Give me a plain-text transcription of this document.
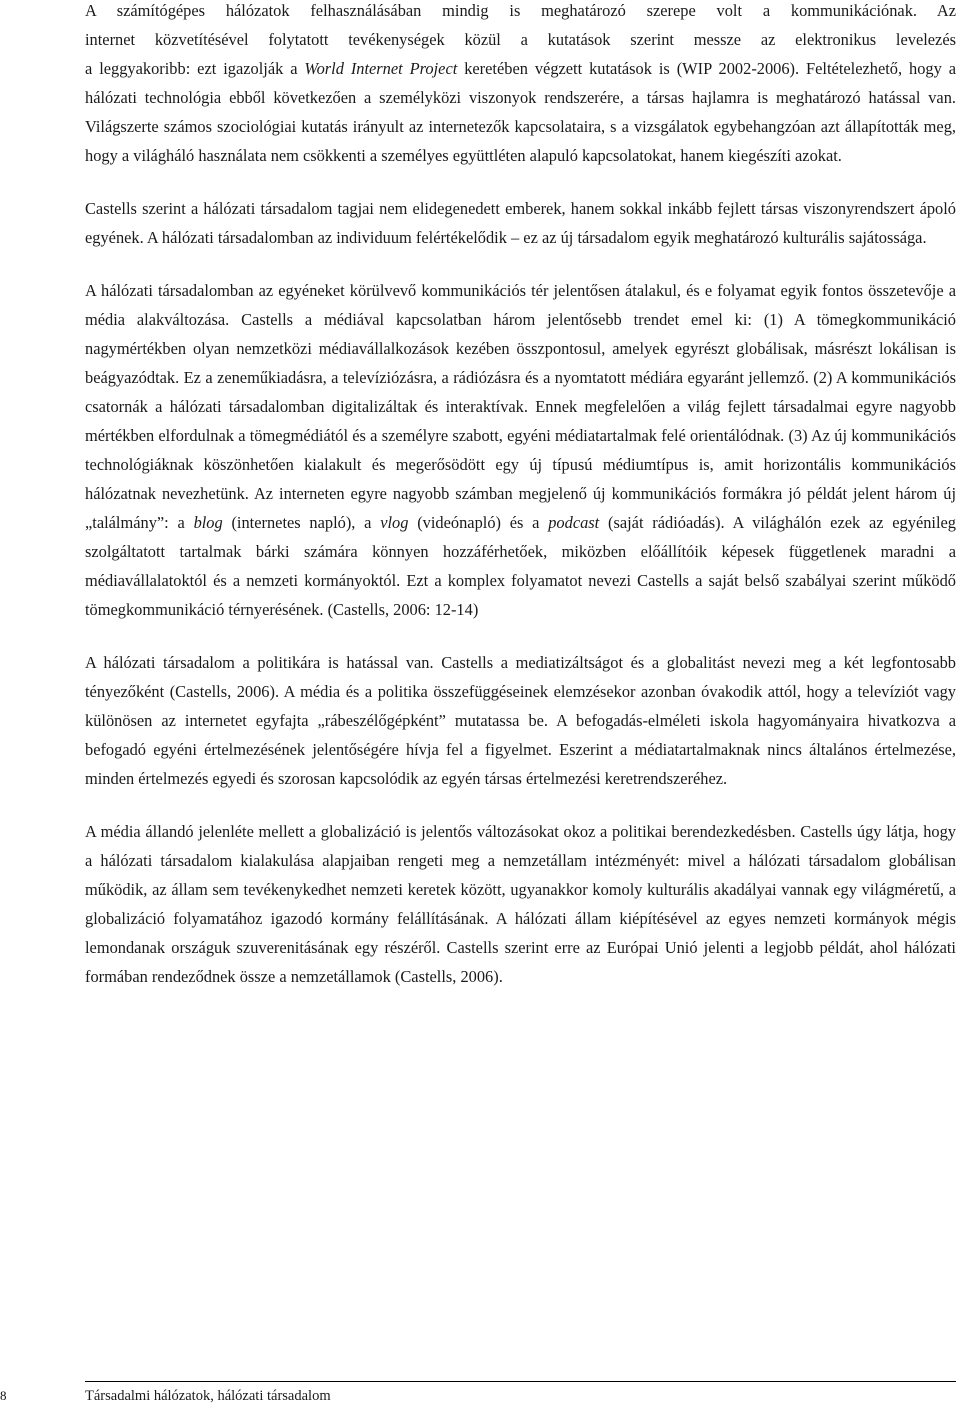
A számítógépes hálózatok felhasználásában mindig is meghatározó szerepe volt a kommunikációnak. Az
internet közvetítésével folytatott tevékenységek közül a kutatások szerint messze az elektronikus levelezés
a leggyakoribb: ezt igazolják a World Internet Project keretében végzett kutatások is (WIP 2002-2006). Feltételezhető, hogy a hálózati technológia ebből következően a személyközi viszonyok rendszerére, a társas hajlamra is meghatározó hatással van. Világszerte számos szociológiai kutatás irányult az internetezők kapcsolataira, s a vizsgálatok egybehangzóan azt állapították meg, hogy a világháló használata nem csökkenti a személyes együttléten alapuló kapcsolatokat, hanem kiegészíti azokat.

Castells szerint a hálózati társadalom tagjai nem elidegenedett emberek, hanem sokkal inkább fejlett társas viszonyrendszert ápoló egyének. A hálózati társadalomban az individuum felértékelődik – ez az új társadalom egyik meghatározó kulturális sajátossága.

A hálózati társadalomban az egyéneket körülvevő kommunikációs tér jelentősen átalakul, és e folyamat egyik fontos összetevője a média alakváltozása. Castells a médiával kapcsolatban három jelentősebb trendet emel ki: (1) A tömegkommunikáció nagymértékben olyan nemzetközi médiavállalkozások kezében összpontosul, amelyek egyrészt globálisak, másrészt lokálisan is beágyazódtak. Ez a zeneműkiadásra, a televíziózásra, a rádiózásra és a nyomtatott médiára egyaránt jellemző. (2) A kommunikációs csatornák a hálózati társadalomban digitalizáltak és interaktívak. Ennek megfelelően a világ fejlett társadalmai egyre nagyobb mértékben elfordulnak a tömegmédiától és a személyre szabott, egyéni médiatartalmak felé orientálódnak. (3) Az új kommunikációs technológiáknak köszönhetően kialakult és megerősödött egy új típusú médiumtípus is, amit horizontális kommunikációs hálózatnak nevezhetünk. Az interneten egyre nagyobb számban megjelenő új kommunikációs formákra jó példát jelent három új „találmány”: a blog (internetes napló), a vlog (videónapló) és a podcast (saját rádióadás). A világhálón ezek az egyénileg szolgáltatott tartalmak bárki számára könnyen hozzáférhetőek, miközben előállítóik képesek függetlenek maradni a médiavállalatoktól és a nemzeti kormányoktól. Ezt a komplex folyamatot nevezi Castells a saját belső szabályai szerint működő tömegkommunikáció térnyerésének. (Castells, 2006: 12-14)

A hálózati társadalom a politikára is hatással van. Castells a mediatizáltságot és a globalitást nevezi meg a két legfontosabb tényezőként (Castells, 2006). A média és a politika összefüggéseinek elemzésekor azonban óvakodik attól, hogy a televíziót vagy különösen az internetet egyfajta „rábeszélőgépként” mutatassa be. A befogadás-elméleti iskola hagyományaira hivatkozva a befogadó egyéni értelmezésének jelentőségére hívja fel a figyelmet. Eszerint a médiatartalmaknak nincs általános értelmezése, minden értelmezés egyedi és szorosan kapcsolódik az egyén társas értelmezési keretrendszeréhez.

A média állandó jelenléte mellett a globalizáció is jelentős változásokat okoz a politikai berendezkedésben. Castells úgy látja, hogy a hálózati társadalom kialakulása alapjaiban rengeti meg a nemzetállam intézményét: mivel a hálózati társadalom globálisan működik, az állam sem tevékenykedhet nemzeti keretek között, ugyanakkor komoly kulturális akadályai vannak egy világméretű, a globalizáció folyamatához igazodó kormány felállításának. A hálózati állam kiépítésével az egyes nemzeti kormányok mégis lemondanak országuk szuverenitásának egy részéről. Castells szerint erre az Európai Unió jelenti a legjobb példát, ahol hálózati formában rendeződnek össze a nemzetállamok (Castells, 2006).

8	Társadalmi hálózatok, hálózati társadalom
